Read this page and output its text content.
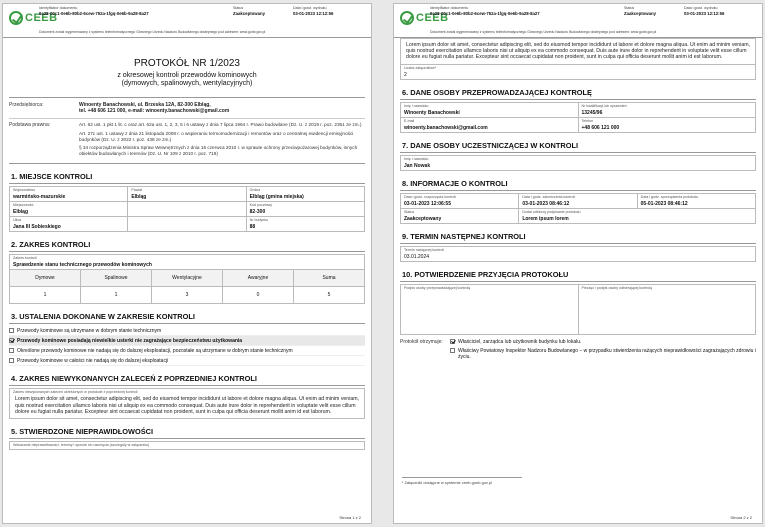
CEEB
Identyfikator dokumentu
9a28-00c1-0e6b-80b2-6cew-752a-1fgq-0e6b-9a28-8a27
Status
Zaakceptowany
Data i godz. wydruku
03-01-2023 12:12:56
Dokument zostal wygenerowany z systemu teleinformatycznego Glownego Urzedu Nadzoru Budowlanego dostepnego pod adresem: www.gunb.gov.pl
PROTOKÓŁ NR 1/2023
z okresowej kontroli przewodów kominowych
(dymowych, spalinowych, wentylacyjnych)
Przedsiębiorca:	Winoenty Banachowski, ul. Brzeska 12A, 82-300 Elbląg,
tel. +48 606 121 000, e-mail: winoenty.banachowski@gmail.com
Podstawa prawna:	Art. 62 ust. 1 pkt 1 lit. c oraz art. 62a ust. 1, 2, 3, 5 i 6 ustawy z dnia 7 lipca 1994 r. Prawo budowlane (Dz. U. z 2019 r. poz. 2351 ze zm.)

Art. 27c ust. 1 ustawy z dnia 21 listopada 2008 r. o wspieraniu termomodernizacji i remontów oraz o centralnej ewidencji emisyjności budynków (Dz. U. z 2022 r. poz. 438 ze zm.)

§ 34 rozporządzenia Ministra Spraw Wewnętrznych z dnia 16 czerwca 2010 r. w sprawie ochrony przeciwpożarowej budynków, innych obiektów budowlanych i terenów (Dz. U. Nr 109 z 2010 r. poz. 719)

1. MIEJSCE KONTROLI
Województwo
warmińsko-mazurskie
Powiat
Elbląg
Gmina
Elbląg (gmina miejska)
Miejscowość
Elbląg
Kod pocztowy
82-300
Ulica
Jana III Sobieskiego
Nr budynku
88
2. ZAKRES KONTROLI
Zakres kontroli
Sprawdzenie stanu technicznego przewodów kominowych
Dymowe	Spalinowe	Wentylacyjne	Awaryjne	Suma
1	1	3	0	5
3. USTALENIA DOKONANE W ZAKRESIE KONTROLI
Przewody kominowe są utrzymane w dobrym stanie technicznym
Przewody kominowe posiadają niewielkie usterki nie zagrażające bezpieczeństwu użytkowania
Określone przewody kominowe nie nadają się do dalszej eksploatacji, pozostałe są utrzymane w dobrym stanie technicznym
Przewody kominowe w całości nie nadają się do dalszej eksploatacji
4. ZAKRES NIEWYKONANYCH ZALECEŃ Z POPRZEDNIEJ KONTROLI
Zakres niewykonanych zaleceń określonych w protokole z poprzedniej kontroli
Lorem ipsum dolor sit amet, consectetur adipiscing elit, sed do eiusmod tempor incididunt ut labore et dolore magna aliqua. Ut enim ad minim veniam, quis nostrud exercitation ullamco laboris nisi ut aliquip ex ea commodo consequat. Duis aute irure dolor in reprehenderit in voluptate velit esse cillum dolore eu fugiat nulla pariatur. Excepteur sint occaecat cupidatat non proident, sunt in culpa qui officia deserunt mollit anim id est laborum.
5. STWIERDZONE NIEPRAWIDŁOWOŚCI
Wskazanie nieprawidłowości, terminy i sposób ich usunięcia (szczegóły w załączniku)
Strona 1 z 2
CEEB
Identyfikator dokumentu
9a28-00c1-0e6b-80b2-6cew-752a-1fgq-0e6b-9a28-8a27
Status
Zaakceptowany
Data i godz. wydruku
03-01-2023 12:12:56
Dokument zostal wygenerowany z systemu teleinformatycznego Glownego Urzedu Nadzoru Budowlanego dostepnego pod adresem: www.gunb.gov.pl
Lorem ipsum dolor sit amet, consectetur adipiscing elit, sed do eiusmod tempor incididunt ut labore et dolore magna aliqua. Ut enim ad minim veniam, quis nostrud exercitation ullamco laboris nisi ut aliquip ex ea commodo consequat. Duis aute irure dolor in reprehenderit in voluptate velit esse cillum dolore eu fugiat nulla pariatur. Excepteur sint occaecat cupidatat non proident, sunt in culpa qui officia deserunt mollit anim id est laborum.
Liczba załączników¹
2
6. DANE OSOBY PRZEPROWADZAJĄCEJ KONTROLĘ
Imię i nazwisko
Winoenty Banachowski
Nr kwalifikacji lub uprawnień
13245/96
E-mail
winoenty.banachowski@gmail.com
Telefon
+48 606 121 000
7. DANE OSOBY UCZESTNICZĄCEJ W KONTROLI
Imię i nazwisko
Jan Nowak
8. INFORMACJE O KONTROLI
Data i godz. rozpoczęcia kontroli
03-01-2023 12:06:55
Data i godz. zakończenia kontroli
03-01-2023 08:46:12
Data i godz. sporządzenia protokołu
05-01-2023 08:46:12
Status
Zaakceptowany
Dodał odbiorcy podpisanie protokołu
Lorem ipsum lorem
9. TERMIN NASTĘPNEJ KONTROLI
Termin następnej kontroli
03.01.2024
10. POTWIERDZENIE PRZYJĘCIA PROTOKOŁU
Podpis osoby przeprowadzającej kontrolę	Pieczęć i podpis osoby odbierającej kontrolę
Protokół otrzymuje:	Właściciel, zarządca lub użytkownik budynku lub lokalu.
Właściwy Powiatowy Inspektor Nadzoru Budowlanego – w przypadku stwierdzenia rażących nieprawidłowości zagrażających zdrowiu i życiu.
¹ Załączniki dostępne w systemie ceeb.gunb.gov.pl
Strona 2 z 2
